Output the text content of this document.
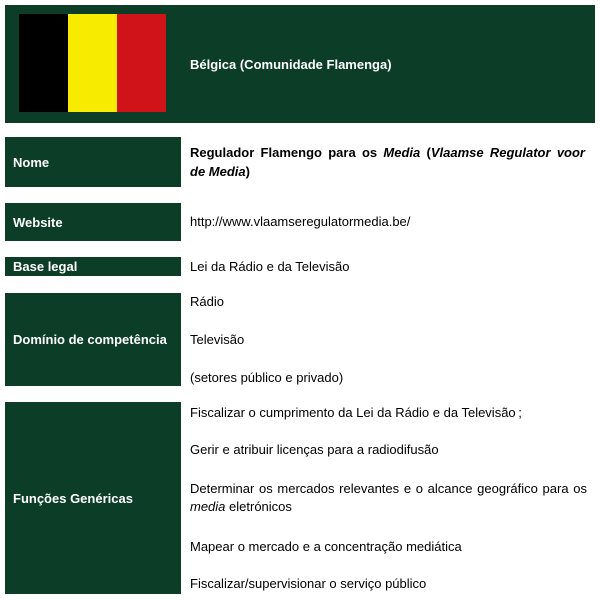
Bélgica (Comunidade Flamenga)
Nome
Regulador Flamengo para os Media (Vlaamse Regulator voor de Media)
Website	http://www.vlaamseregulatormedia.be/
Base legal	Lei da Rádio e da Televisão
Domínio de competência
Rádio
Televisão
(setores público e privado)
Funções Genéricas
Fiscalizar o cumprimento da Lei da Rádio e da Televisão ;
Gerir e atribuir licenças para a radiodifusão
Determinar os mercados relevantes e o alcance geográfico para os media eletrónicos
Mapear o mercado e a concentração mediática
Fiscalizar/supervisionar o serviço público
